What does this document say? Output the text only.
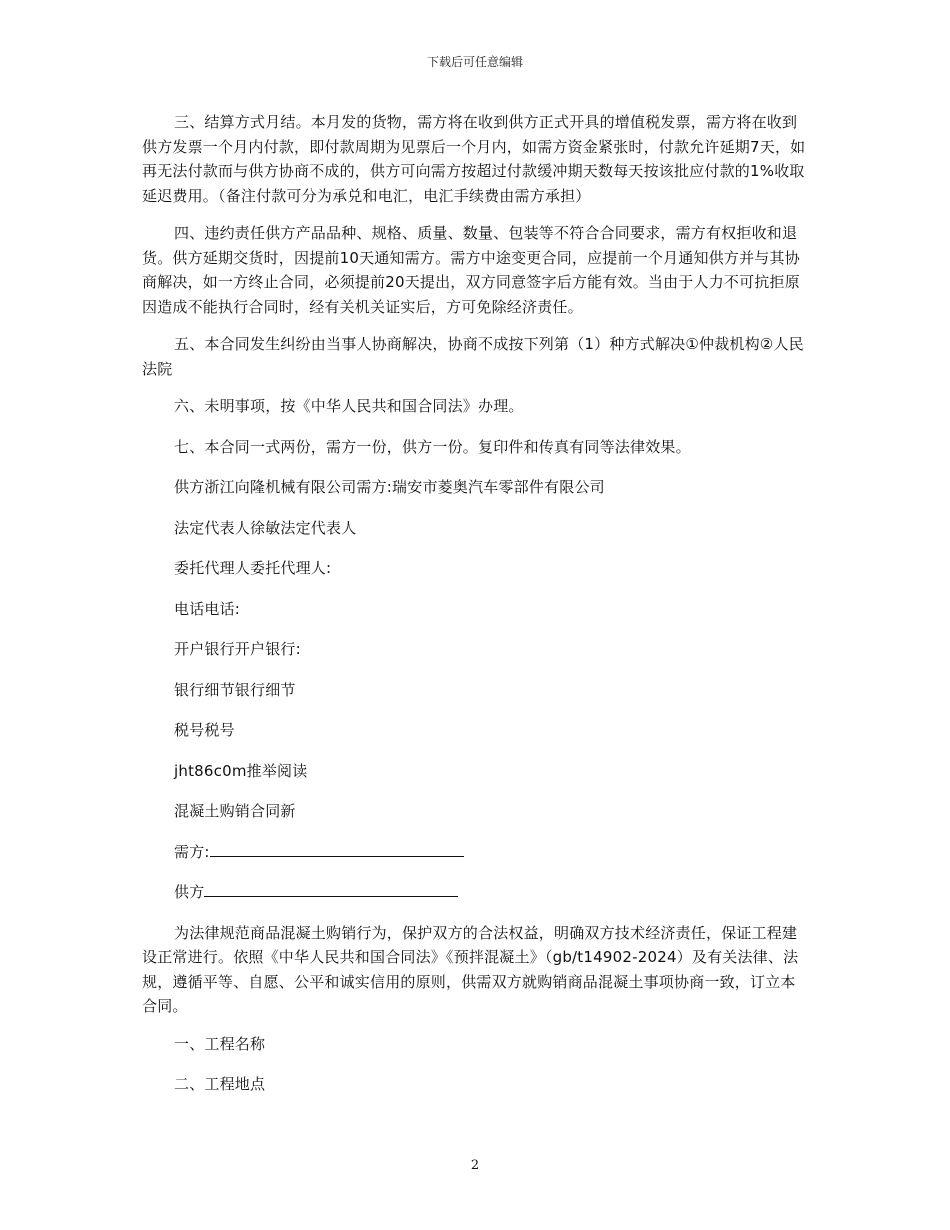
下载后可任意编辑

三、结算方式月结。本月发的货物，需方将在收到供方正式开具的增值税发票，需方将在收到供方发票一个月内付款，即付款周期为见票后一个月内，如需方资金紧张时，付款允许延期7天，如再无法付款而与供方协商不成的，供方可向需方按超过付款缓冲期天数每天按该批应付款的1%收取延迟费用。（备注付款可分为承兑和电汇，电汇手续费由需方承担）

四、违约责任供方产品品种、规格、质量、数量、包装等不符合合同要求，需方有权拒收和退货。供方延期交货时，因提前10天通知需方。需方中途变更合同，应提前一个月通知供方并与其协商解决，如一方终止合同，必须提前20天提出，双方同意签字后方能有效。当由于人力不可抗拒原因造成不能执行合同时，经有关机关证实后，方可免除经济责任。

五、本合同发生纠纷由当事人协商解决，协商不成按下列第（1）种方式解决①仲裁机构②人民法院

六、未明事项，按《中华人民共和国合同法》办理。

七、本合同一式两份，需方一份，供方一份。复印件和传真有同等法律效果。

供方浙江向隆机械有限公司需方:瑞安市菱奥汽车零部件有限公司

法定代表人徐敏法定代表人

委托代理人委托代理人:

电话电话:

开户银行开户银行:

银行细节银行细节

税号税号

jht86c0m推举阅读

混凝土购销合同新

需方:

供方

为法律规范商品混凝土购销行为，保护双方的合法权益，明确双方技术经济责任，保证工程建设正常进行。依照《中华人民共和国合同法》《预拌混凝土》（gb/t14902-2024）及有关法律、法规，遵循平等、自愿、公平和诚实信用的原则，供需双方就购销商品混凝土事项协商一致，订立本合同。

一、工程名称

二、工程地点

2
